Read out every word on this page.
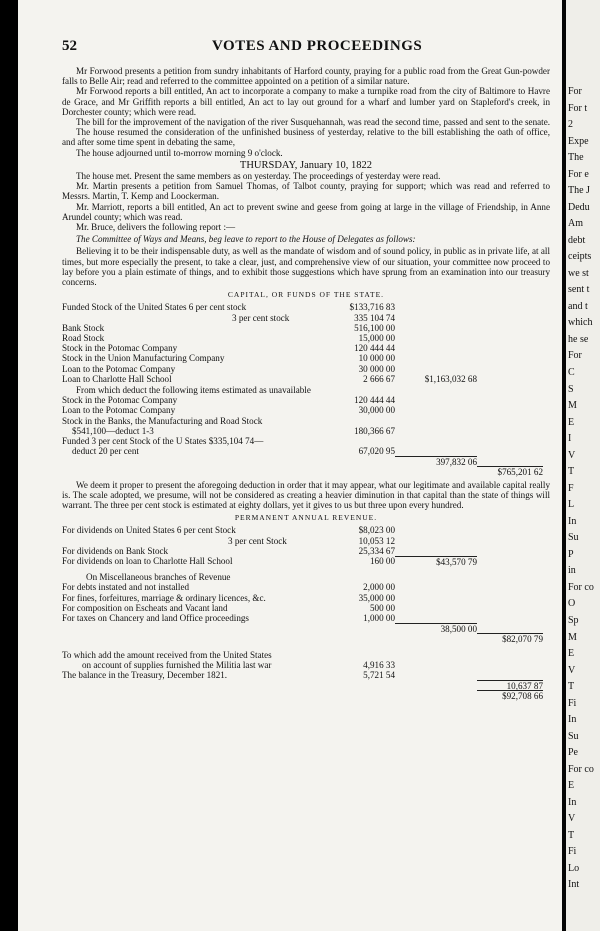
For
For t
2
Expe
The
For e
The J
Dedu
Am
debt
ceipts
we st
sent t
and t
which
he se
For
C
S
M
E
I
V
T
F
L
In
Su
P
in
For co
O
Sp
M
E
V
T
Fi
In
Su
Pe
For co
E
In
V
T
Fi
Lo
Int
52	VOTES AND PROCEEDINGS

Mr Forwood presents a petition from sundry inhabitants of Harford county, praying for a public road from the Great Gun-powder falls to Belle Air; read and referred to the committee appointed on a petition of a similar nature.

Mr Forwood reports a bill entitled, An act to incorporate a company to make a turnpike road from the city of Baltimore to Havre de Grace, and Mr Griffith reports a bill entitled, An act to lay out ground for a wharf and lumber yard on Stapleford's creek, in Dorchester county; which were read.

The bill for the improvement of the navigation of the river Susquehannah, was read the second time, passed and sent to the senate.

The house resumed the consideration of the unfinished business of yesterday, relative to the bill establishing the oath of office, and after some time spent in debating the same,

The house adjourned until to-morrow morning 9 o'clock.

THURSDAY, January 10, 1822

The house met. Present the same members as on yesterday. The proceedings of yesterday were read.

Mr. Martin presents a petition from Samuel Thomas, of Talbot county, praying for support; which was read and referred to Messrs. Martin, T. Kemp and Loockerman.

Mr. Marriott, reports a bill entitled, An act to prevent swine and geese from going at large in the village of Friendship, in Anne Arundel county; which was read.

Mr. Bruce, delivers the following report :—

The Committee of Ways and Means, beg leave to report to the House of Delegates as follows:

Believing it to be their indispensable duty, as well as the mandate of wisdom and of sound policy, in public as in private life, at all times, but more especially the present, to take a clear, just, and comprehensive view of our situation, your committee now proceed to lay before you a plain estimate of things, and to exhibit those suggestions which have sprung from an examination into our treasury concerns.

CAPITAL, OR FUNDS OF THE STATE.
Funded Stock of the United States 6 per cent stock	$133,716 83
3 per cent stock	335 104 74
Bank Stock	516,100 00
Road Stock	15,000 00
Stock in the Potomac Company	120 444 44
Stock in the Union Manufacturing Company	10 000 00
Loan to the Potomac Company	30 000 00
Loan to Charlotte Hall School	2 666 67	$1,163,032 68

From which deduct the following items estimated as unavailable

Stock in the Potomac Company	120 444 44
Loan to the Potomac Company	30,000 00
Stock in the Banks, the Manufacturing and Road Stock
$541,100—deduct 1-3	180,366 67
Funded 3 per cent Stock of the U States $335,104 74—
deduct 20 per cent	67,020 95
397,832 06
$765,201 62

We deem it proper to present the aforegoing deduction in order that it may appear, what our legitimate and available capital really is. The scale adopted, we presume, will not be considered as creating a heavier diminution in that capital than the state of things will warrant. The three per cent stock is estimated at eighty dollars, yet it gives to us but three upon every hundred.

PERMANENT ANNUAL REVENUE.
For dividends on United States 6 per cent Stock	$8,023 00
3 per cent Stock	10,053 12
For dividends on Bank Stock	25,334 67
For dividends on loan to Charlotte Hall School	160 00	$43,570 79
On Miscellaneous branches of Revenue
For debts instated and not installed	2,000 00
For fines, forfeitures, marriage & ordinary licences, &c.	35,000 00
For composition on Escheats and Vacant land	500 00
For taxes on Chancery and land Office proceedings	1,000 00
38,500 00
$82,070 79
To which add the amount received from the United States
on account of supplies furnished the Militia last war	4,916 33
The balance in the Treasury, December 1821.	5,721 54
10,637 87
$92,708 66
